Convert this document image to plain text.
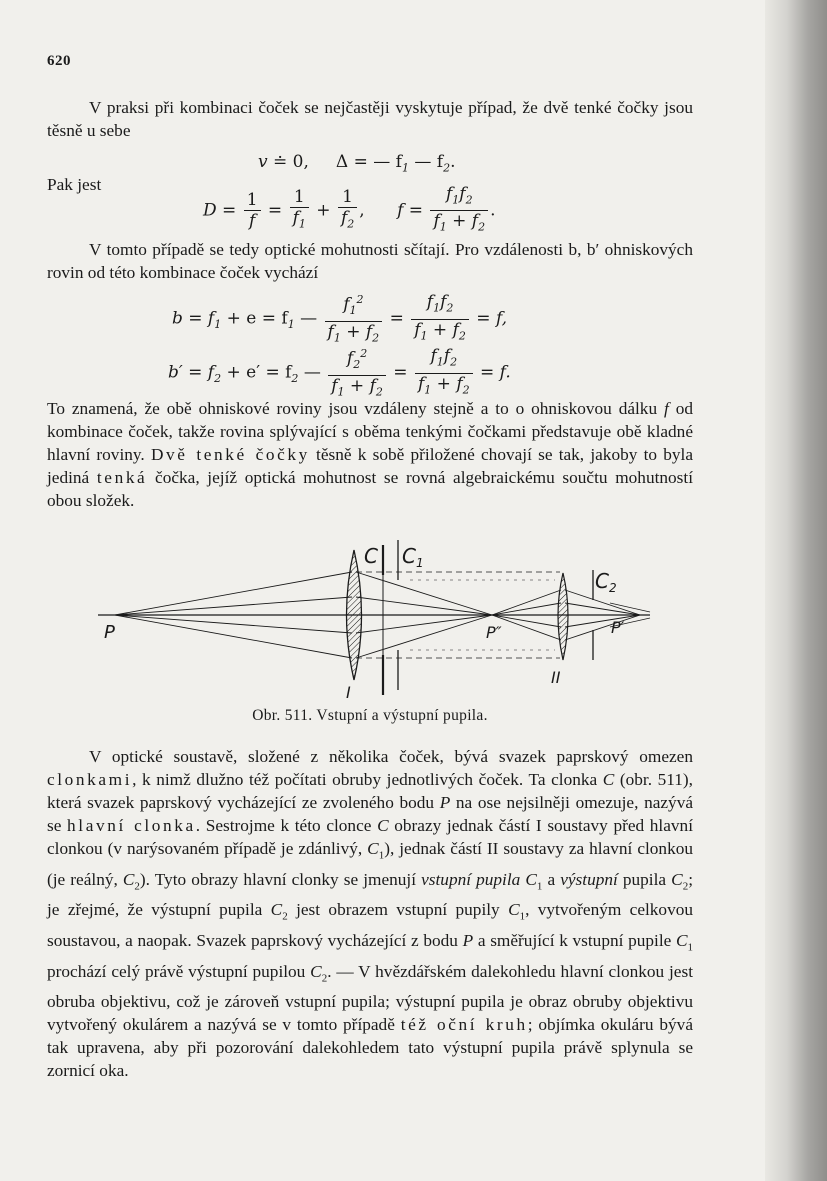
620

V praksi při kombinaci čoček se nejčastěji vyskytuje případ, že dvě tenké čočky jsou těsně u sebe

v ≐ 0, Δ = — $f_1$ — $f_2$.
Pak jest
$D = \frac{1}{f} = \frac{1}{f_1} + \frac{1}{f_2}$ , $f = \frac{f_1f_2}{f_1 + f_2}$ .

V tomto případě se tedy optické mohutnosti sčítají. Pro vzdálenosti b, b′ ohniskových rovin od této kombinace čoček vychází

$b = f_1 + e = f_1$ — $\frac{f_1^2}{f_1 + f_2} = \frac{f_1f_2}{f_1 + f_2} = f$,
$b' = f_2 + e' = f_2$ — $\frac{f_2^2}{f_1 + f_2} = \frac{f_1f_2}{f_1 + f_2} = f$.

To znamená, že obě ohniskové roviny jsou vzdáleny stejně a to o ohniskovou dálku f od kombinace čoček, takže rovina splývající s oběma tenkými čočkami představuje obě kladné hlavní roviny. Dvě tenké čočky těsně k sobě přiložené chovají se tak, jakoby to byla jediná tenká čočka, jejíž optická mohutnost se rovná algebraickému součtu mohutností obou složek.

C $C_1$
$C_2$
P	P″	P′
I
II
Obr. 511. Vstupní a výstupní pupila.

V optické soustavě, složené z několika čoček, bývá svazek paprskový omezen clonkami, k nimž dlužno též počítati obruby jednotlivých čoček. Ta clonka C (obr. 511), která svazek paprskový vycházející ze zvoleného bodu P na ose nejsilněji omezuje, nazývá se hlavní clonka. Sestrojme k této clonce C obrazy jednak částí I soustavy před hlavní clonkou (v narýsovaném případě je zdánlivý, $C_1$), jednak částí II soustavy za hlavní clonkou (je reálný, $C_2$). Tyto obrazy hlavní clonky se jmenují vstupní pupila $C_1$ a výstupní pupila $C_2$; je zřejmé, že výstupní pupila $C_2$ jest obrazem vstupní pupily $C_1$, vytvořeným celkovou soustavou, a naopak. Svazek paprskový vycházející z bodu P a směřující k vstupní pupile $C_1$ prochází celý právě výstupní pupilou $C_2$. — V hvězdářském dalekohledu hlavní clonkou jest obruba objektivu, což je zároveň vstupní pupila; výstupní pupila je obraz obruby objektivu vytvořený okulárem a nazývá se v tomto případě též oční kruh; objímka okuláru bývá tak upravena, aby při pozorování dalekohledem tato výstupní pupila právě splynula se zornicí oka.
